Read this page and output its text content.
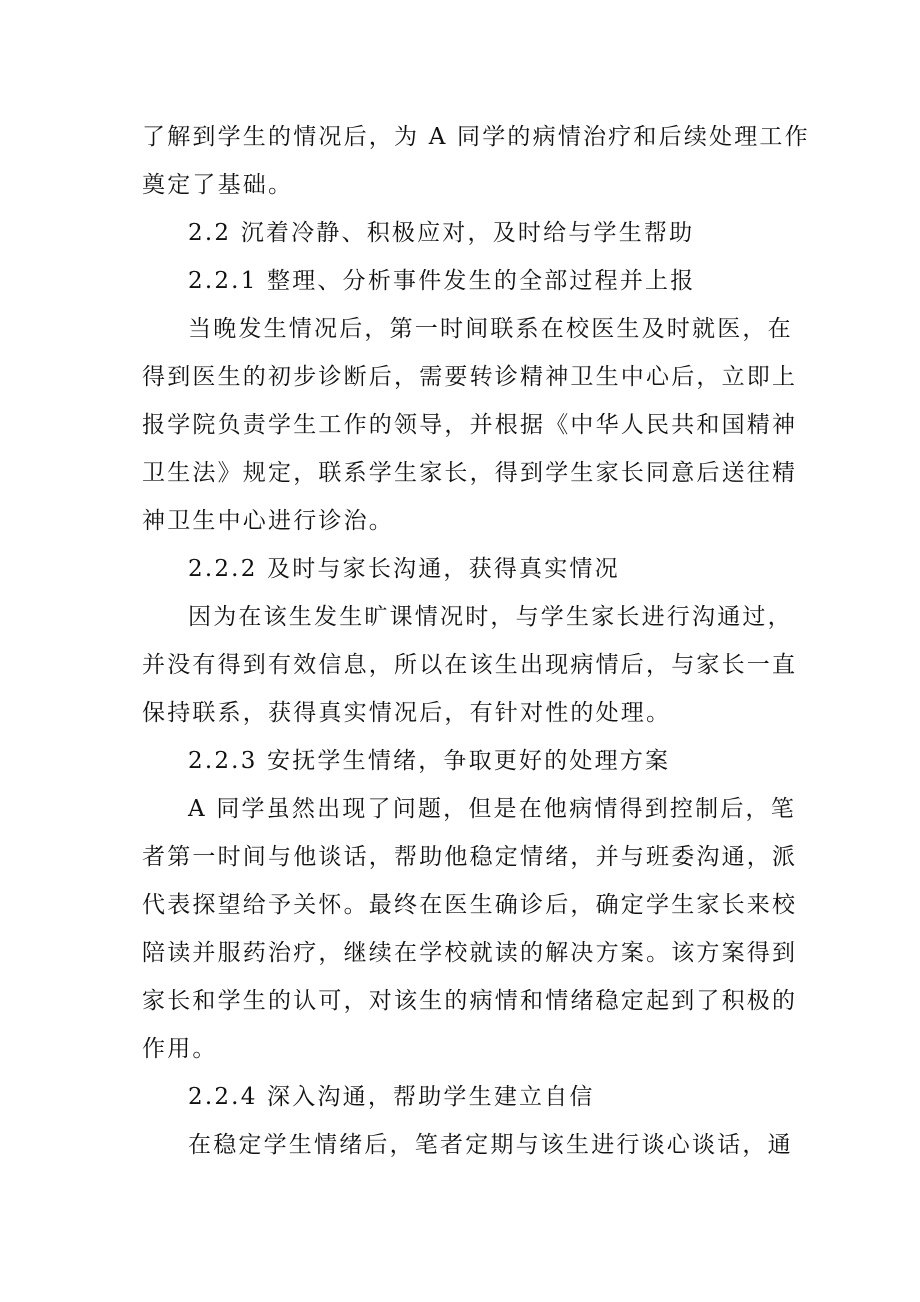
了解到学生的情况后，为 A 同学的病情治疗和后续处理工作
奠定了基础。
2.2 沉着冷静、积极应对，及时给与学生帮助
2.2.1 整理、分析事件发生的全部过程并上报
当晚发生情况后，第一时间联系在校医生及时就医，在
得到医生的初步诊断后，需要转诊精神卫生中心后，立即上
报学院负责学生工作的领导，并根据《中华人民共和国精神
卫生法》规定，联系学生家长，得到学生家长同意后送往精
神卫生中心进行诊治。
2.2.2 及时与家长沟通，获得真实情况
因为在该生发生旷课情况时，与学生家长进行沟通过，
并没有得到有效信息，所以在该生出现病情后，与家长一直
保持联系，获得真实情况后，有针对性的处理。
2.2.3 安抚学生情绪，争取更好的处理方案
A 同学虽然出现了问题，但是在他病情得到控制后，笔
者第一时间与他谈话，帮助他稳定情绪，并与班委沟通，派
代表探望给予关怀。最终在医生确诊后，确定学生家长来校
陪读并服药治疗，继续在学校就读的解决方案。该方案得到
家长和学生的认可，对该生的病情和情绪稳定起到了积极的
作用。
2.2.4 深入沟通，帮助学生建立自信
在稳定学生情绪后，笔者定期与该生进行谈心谈话，通
